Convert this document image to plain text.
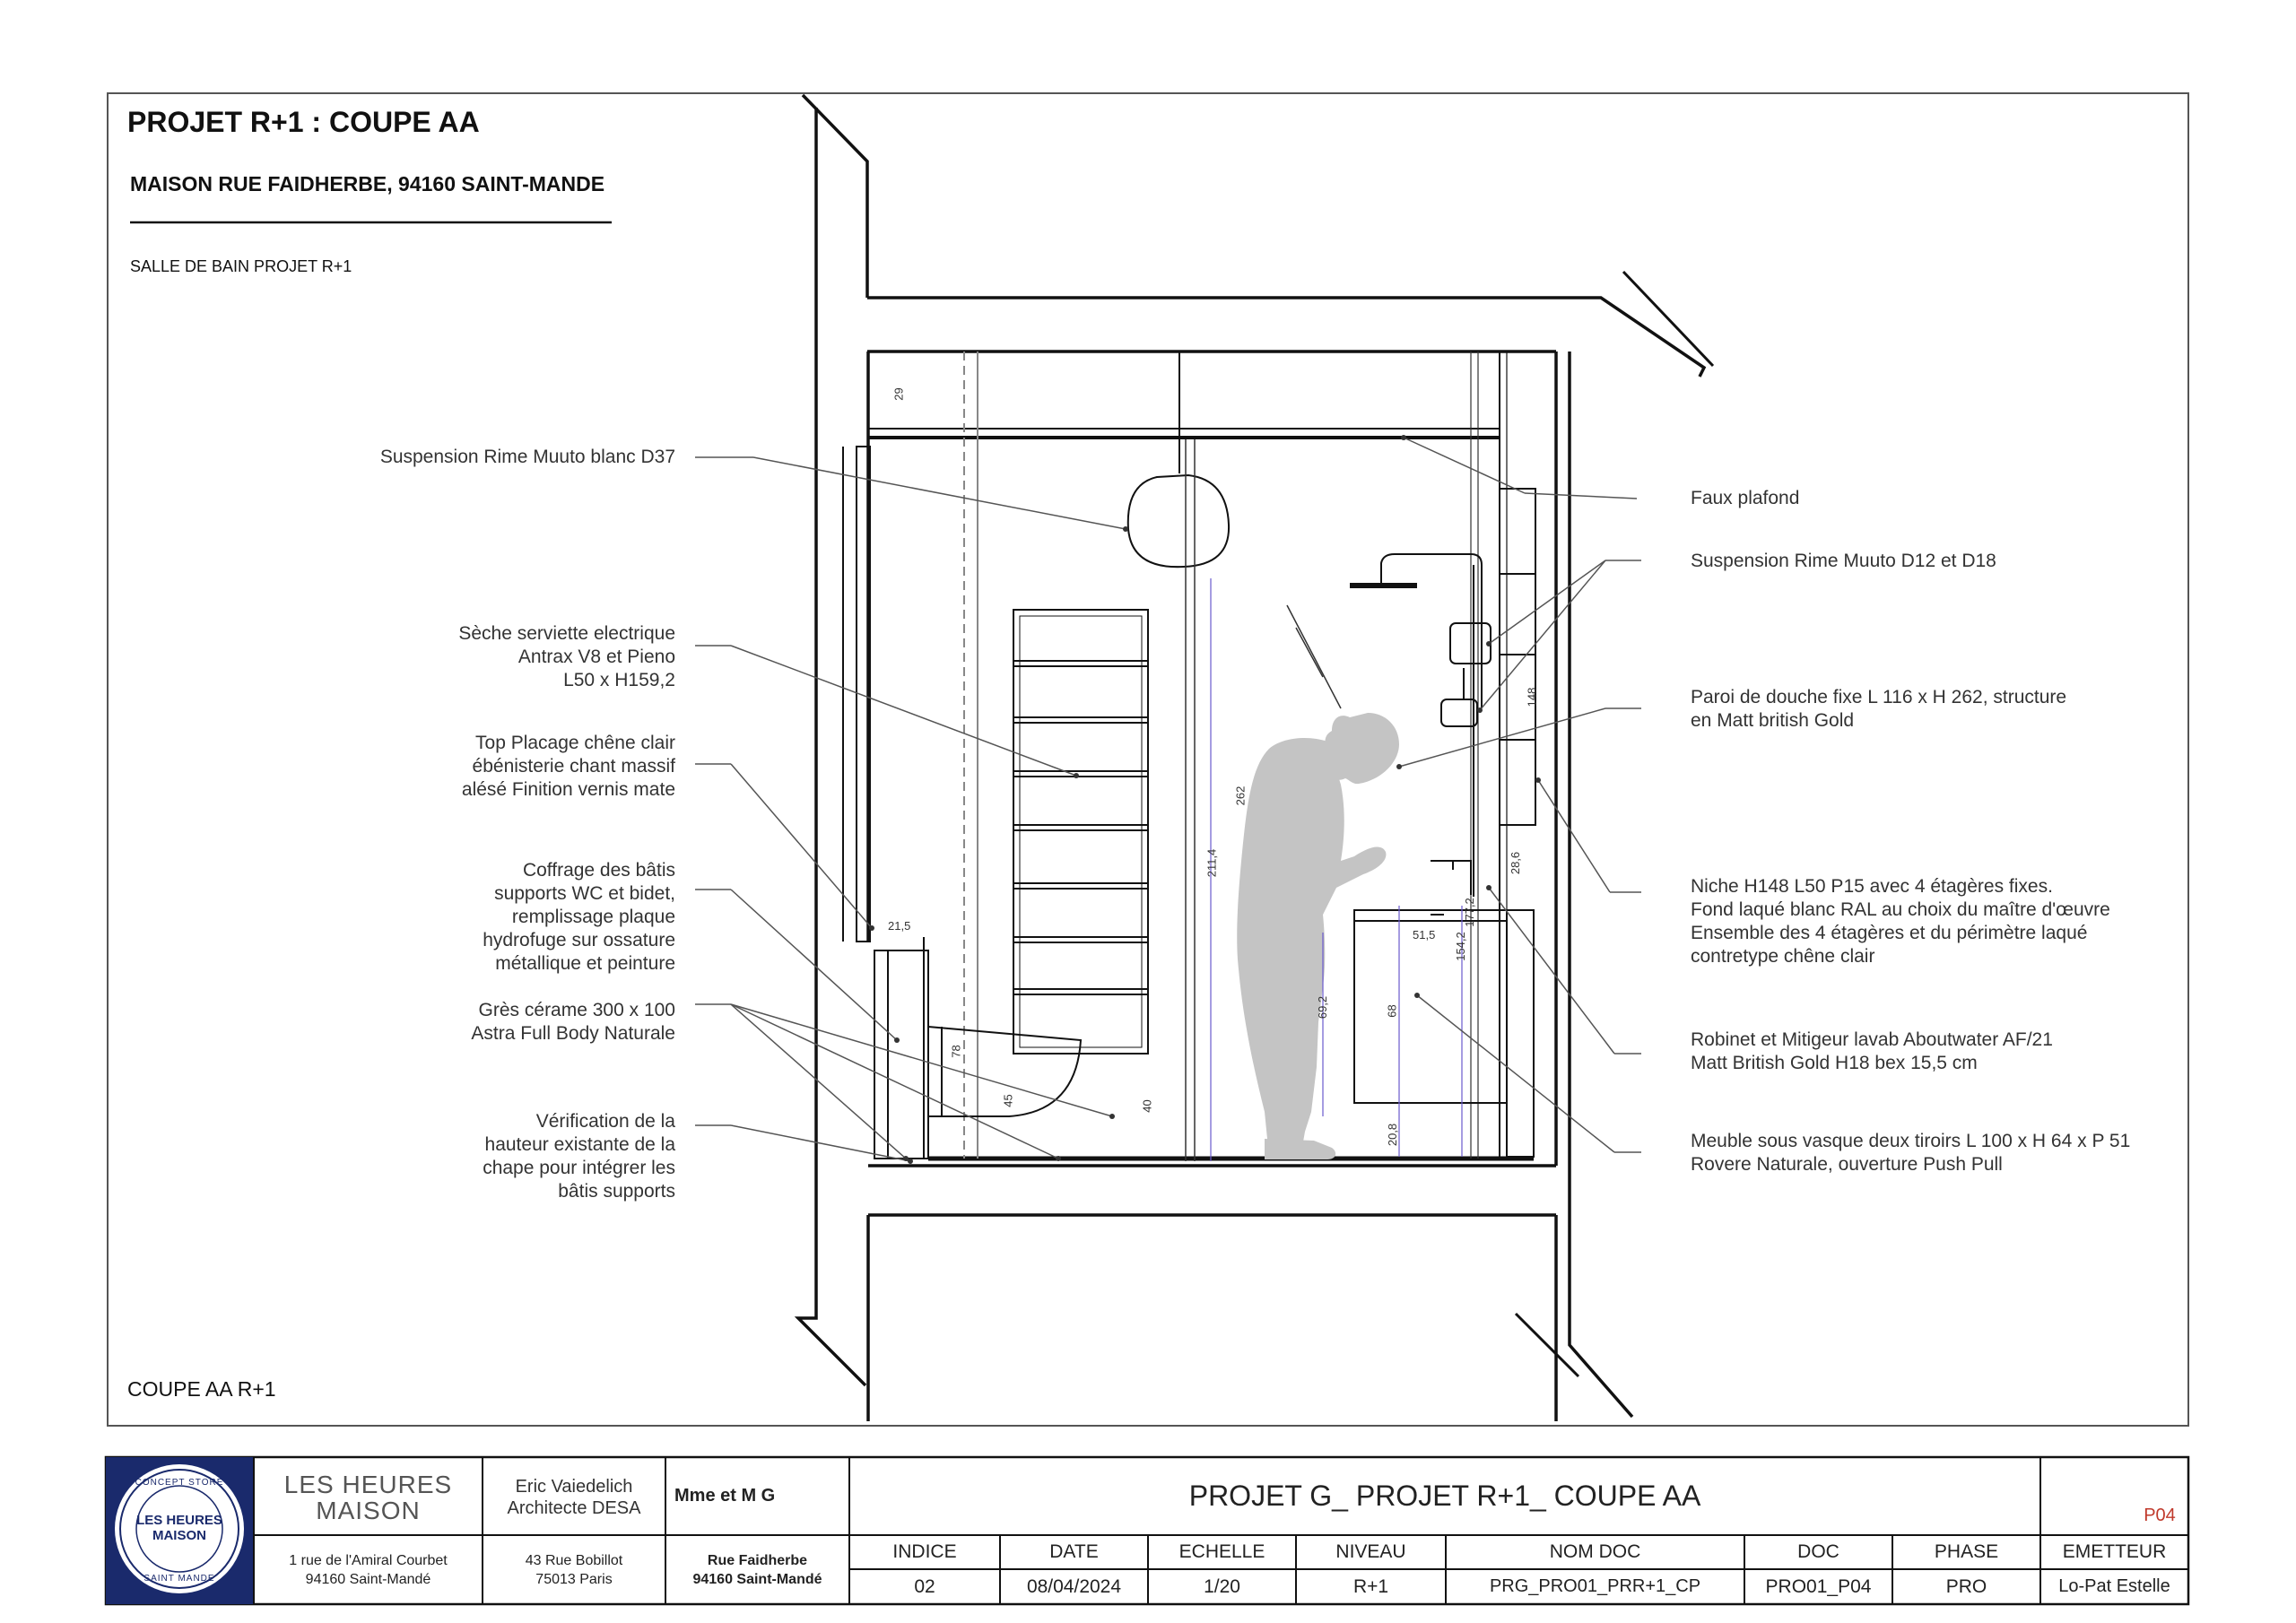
PROJET R+1 : COUPE AA
MAISON RUE FAIDHERBE, 94160 SAINT-MANDE
SALLE DE BAIN PROJET R+1
COUPE AA R+1
Suspension Rime Muuto blanc D37
Sèche serviette electrique
Antrax V8 et Pieno
L50 x H159,2
Top Placage chêne clair
ébénisterie chant massif
alésé Finition vernis mate
Coffrage des bâtis
supports WC et bidet,
remplissage plaque
hydrofuge sur ossature
métallique et peinture
Grès cérame 300 x 100
Astra Full Body Naturale
Vérification de la
hauteur existante de la
chape pour intégrer les
bâtis supports
Faux plafond
Suspension Rime Muuto D12 et D18
Paroi de douche fixe L 116 x H 262, structure
en Matt british Gold
Niche H148 L50 P15 avec 4 étagères fixes.
Fond laqué blanc RAL au choix du maître d'œuvre
Ensemble des 4 étagères et du périmètre laqué
contretype chêne clair
Robinet et Mitigeur lavab Aboutwater AF/21
Matt British Gold H18 bex 15,5 cm
Meuble sous vasque deux tiroirs L 100 x H 64 x P 51
Rovere Naturale, ouverture Push Pull
29
262
211,4
148
28,6
21,5
51,5 154,2
177,2
69,2	68
78
45	40
20,8
CONCEPT STORE
LES HEURES
MAISON
SAINT MANDE
LES HEURES
MAISON
1 rue de l'Amiral Courbet
94160 Saint-Mandé
Eric Vaiedelich
Architecte DESA
43 Rue Bobillot
75013 Paris
Mme et M G
Rue Faidherbe
94160 Saint-Mandé
PROJET G_ PROJET R+1_ COUPE AA
P04
INDICE	DATE	ECHELLE	NIVEAU	NOM DOC	DOC	PHASE	EMETTEUR
02	08/04/2024	1/20	R+1	PRG_PRO01_PRR+1_CP	PRO01_P04	PRO	Lo-Pat Estelle
